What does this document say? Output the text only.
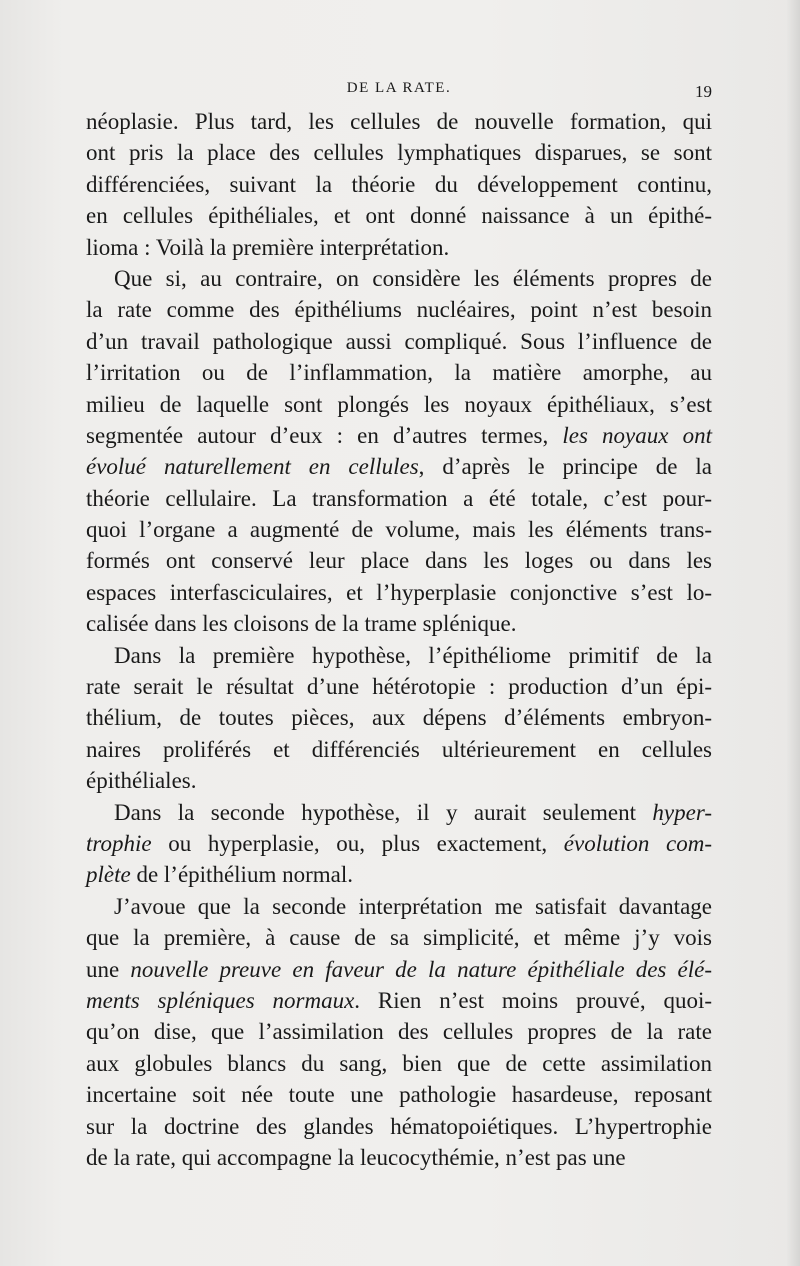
DE LA RATE.	19
néoplasie. Plus tard, les cellules de nouvelle formation, qui
ont pris la place des cellules lymphatiques disparues, se sont
différenciées, suivant la théorie du développement continu,
en cellules épithéliales, et ont donné naissance à un épithé-
lioma : Voilà la première interprétation.
Que si, au contraire, on considère les éléments propres de
la rate comme des épithéliums nucléaires, point n’est besoin
d’un travail pathologique aussi compliqué. Sous l’influence de
l’irritation ou de l’inflammation, la matière amorphe, au
milieu de laquelle sont plongés les noyaux épithéliaux, s’est
segmentée autour d’eux : en d’autres termes, les noyaux ont
évolué naturellement en cellules, d’après le principe de la
théorie cellulaire. La transformation a été totale, c’est pour-
quoi l’organe a augmenté de volume, mais les éléments trans-
formés ont conservé leur place dans les loges ou dans les
espaces interfasciculaires, et l’hyperplasie conjonctive s’est lo-
calisée dans les cloisons de la trame splénique.
Dans la première hypothèse, l’épithéliome primitif de la
rate serait le résultat d’une hétérotopie : production d’un épi-
thélium, de toutes pièces, aux dépens d’éléments embryon-
naires proliférés et différenciés ultérieurement en cellules
épithéliales.
Dans la seconde hypothèse, il y aurait seulement hyper-
trophie ou hyperplasie, ou, plus exactement, évolution com-
plète de l’épithélium normal.
J’avoue que la seconde interprétation me satisfait davantage
que la première, à cause de sa simplicité, et même j’y vois
une nouvelle preuve en faveur de la nature épithéliale des élé-
ments spléniques normaux. Rien n’est moins prouvé, quoi-
qu’on dise, que l’assimilation des cellules propres de la rate
aux globules blancs du sang, bien que de cette assimilation
incertaine soit née toute une pathologie hasardeuse, reposant
sur la doctrine des glandes hématopoiétiques. L’hypertrophie
de la rate, qui accompagne la leucocythémie, n’est pas une
